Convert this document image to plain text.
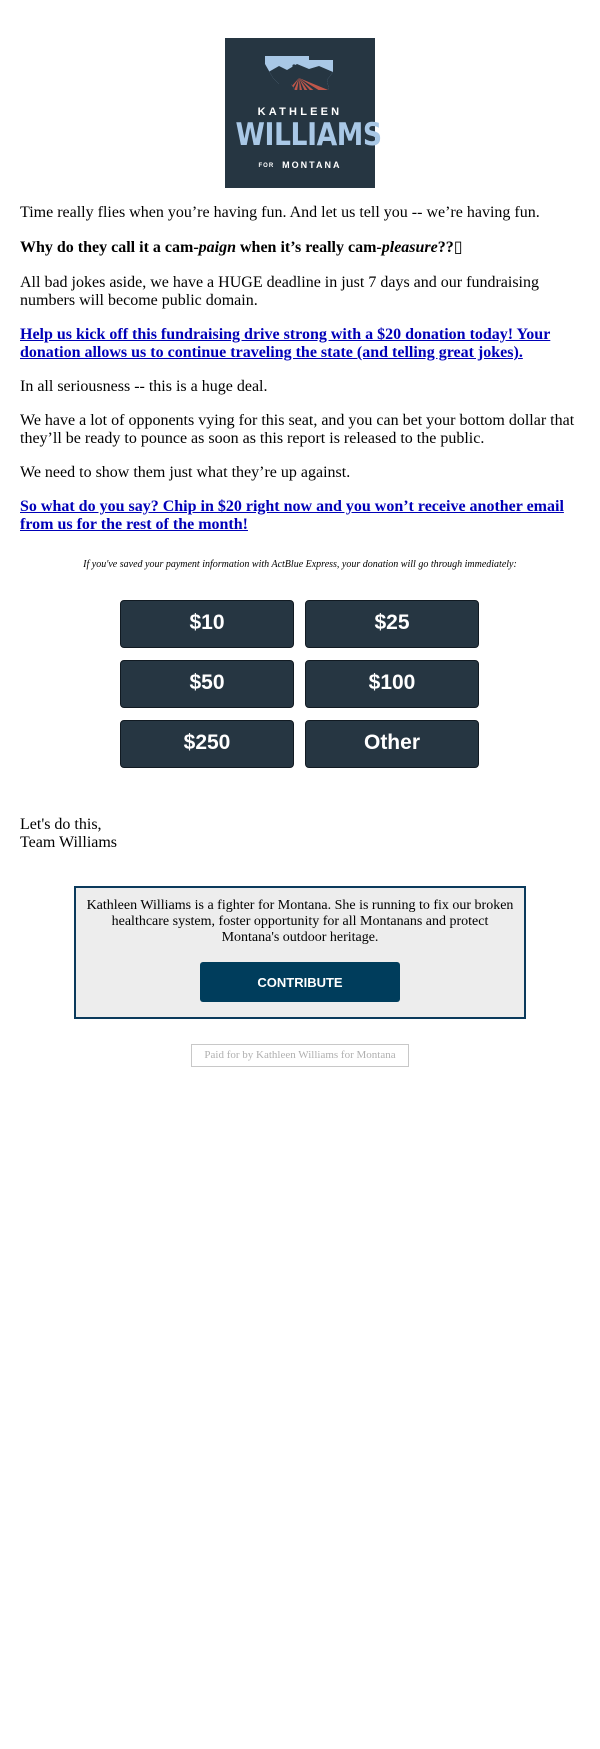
KATHLEEN
WILLIAMS
FOR MONTANA

Time really flies when you’re having fun. And let us tell you -- we’re having fun.

Why do they call it a cam-paign when it’s really cam-pleasure??▯

All bad jokes aside, we have a HUGE deadline in just 7 days and our fundraising numbers will become public domain.

Help us kick off this fundraising drive strong with a $20 donation today! Your donation allows us to continue traveling the state (and telling great jokes).

In all seriousness -- this is a huge deal.

We have a lot of opponents vying for this seat, and you can bet your bottom dollar that they’ll be ready to pounce as soon as this report is released to the public.

We need to show them just what they’re up against.

So what do you say? Chip in $20 right now and you won’t receive another email from us for the rest of the month!

If you've saved your payment information with ActBlue Express, your donation will go through immediately:
$10	$25
$50	$100
$250	Other
Let's do this,
Team Williams
Kathleen Williams is a fighter for Montana. She is running to fix our broken healthcare system, foster opportunity for all Montanans and protect Montana's outdoor heritage.
CONTRIBUTE
Paid for by Kathleen Williams for Montana
